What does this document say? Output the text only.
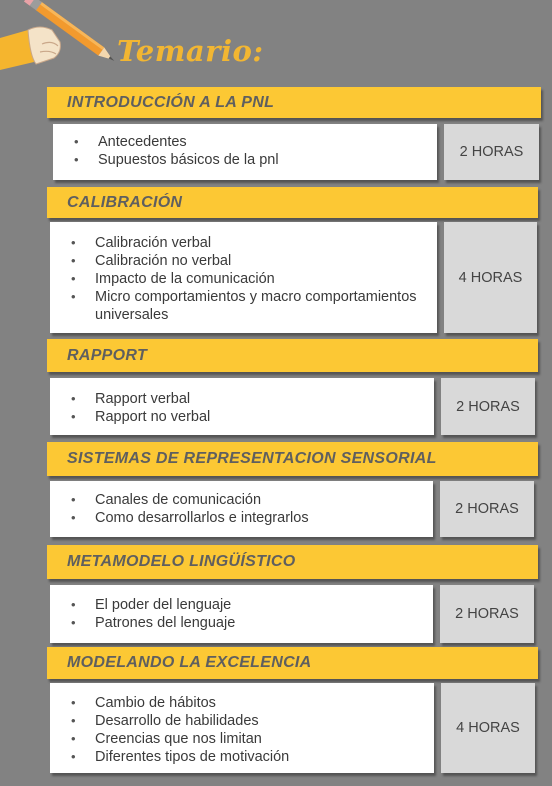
Temario:
INTRODUCCIÓN A LA PNL
• Antecedentes
• Supuestos básicos de la pnl	2 HORAS
CALIBRACIÓN
• Calibración verbal
• Calibración no verbal
• Impacto de la comunicación
• Micro comportamientos y macro comportamientos universales
4 HORAS
RAPPORT
• Rapport verbal
• Rapport no verbal
2 HORAS
SISTEMAS DE REPRESENTACION SENSORIAL
• Canales de comunicación
• Como desarrollarlos e integrarlos
2 HORAS
METAMODELO LINGÜÍSTICO
• El poder del lenguaje
• Patrones del lenguaje
2 HORAS
MODELANDO LA EXCELENCIA
• Cambio de hábitos
• Desarrollo de habilidades
• Creencias que nos limitan
• Diferentes tipos de motivación
4 HORAS
